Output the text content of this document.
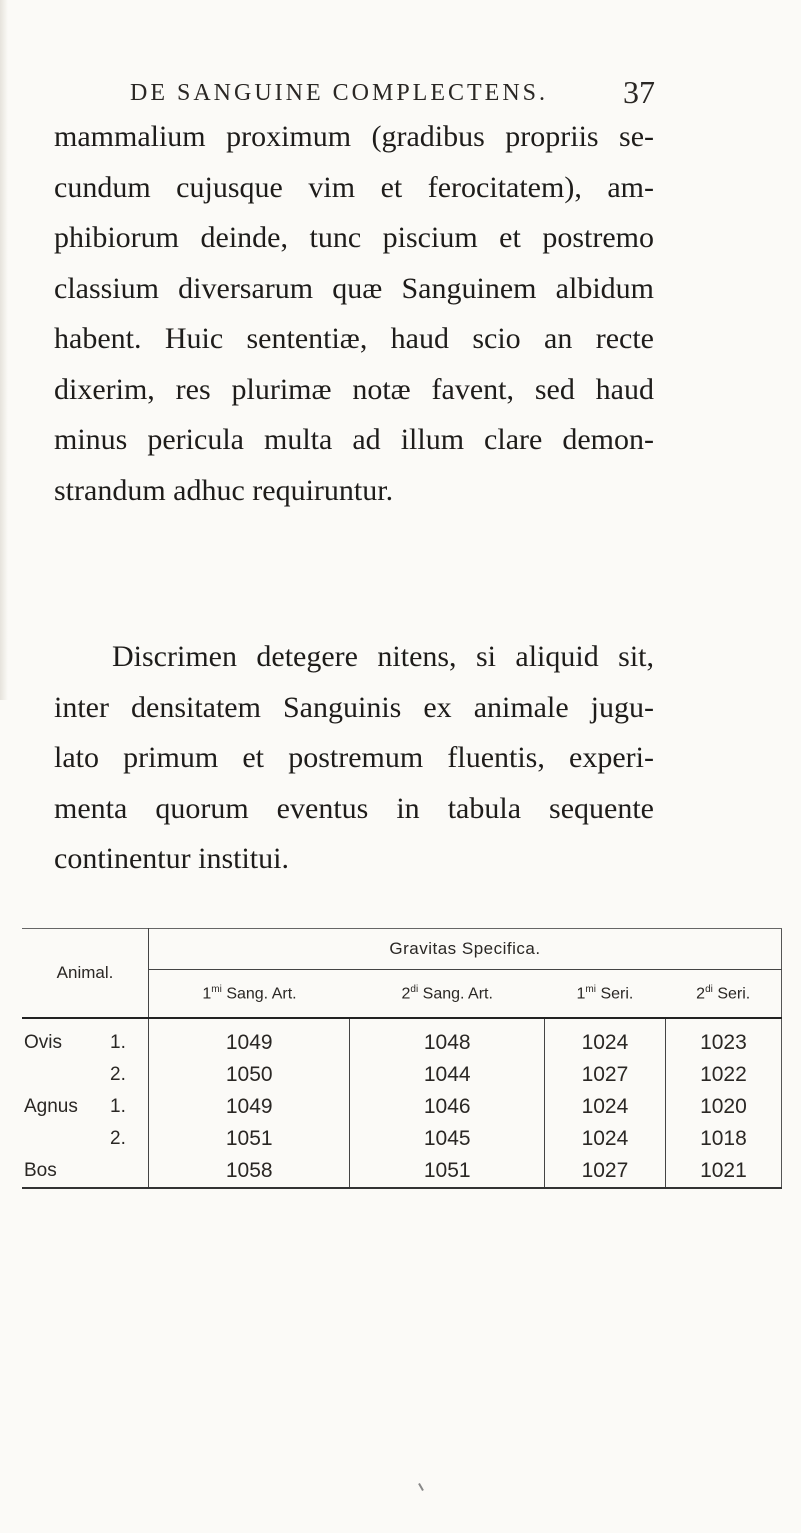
DE SANGUINE COMPLECTENS. 37
mammalium proximum (gradibus propriis se-
cundum cujusque vim et ferocitatem), am-
phibiorum deinde, tunc piscium et postremo
classium diversarum quæ Sanguinem albidum
habent. Huic sententiæ, haud scio an recte
dixerim, res plurimæ notæ favent, sed haud
minus pericula multa ad illum clare demon-
strandum adhuc requiruntur.
Discrimen detegere nitens, si aliquid sit,
inter densitatem Sanguinis ex animale jugu-
lato primum et postremum fluentis, experi-
menta quorum eventus in tabula sequente
continentur institui.
Animal.	Gravitas Specifica.			
	$1^{mi}$ Sang. Art.	$2^{di}$ Sang. Art.	$1^{mi}$ Seri.	$2^{di}$ Seri.

Ovis 1.	1049	1048	1024	1023

2.	1050	1044	1027	1022

Agnus 1.	1049	1046	1024	1020

2.	1051	1045	1024	1018

Bos	1058	1051	1027	1021
